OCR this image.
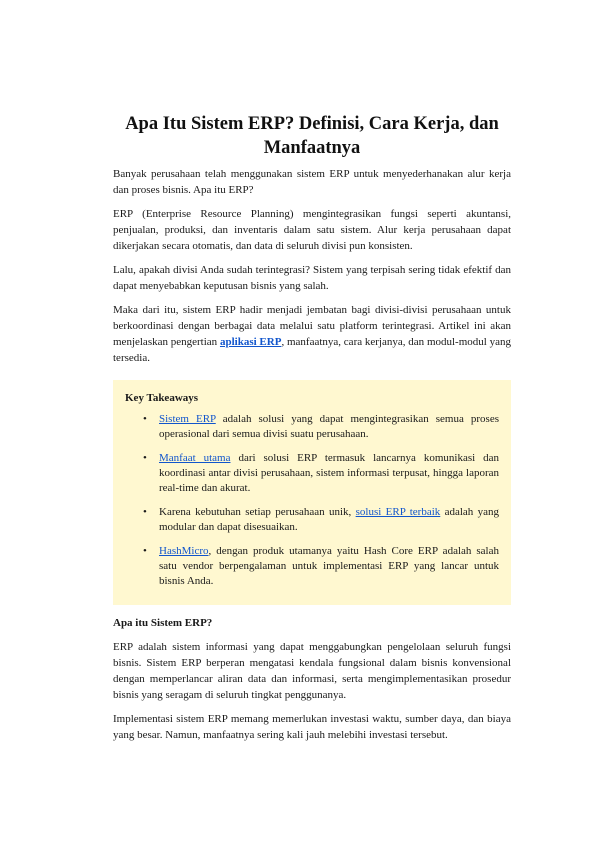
Apa Itu Sistem ERP? Definisi, Cara Kerja, dan Manfaatnya

Banyak perusahaan telah menggunakan sistem ERP untuk menyederhanakan alur kerja dan proses bisnis. Apa itu ERP?

ERP (Enterprise Resource Planning) mengintegrasikan fungsi seperti akuntansi, penjualan, produksi, dan inventaris dalam satu sistem. Alur kerja perusahaan dapat dikerjakan secara otomatis, dan data di seluruh divisi pun konsisten.

Lalu, apakah divisi Anda sudah terintegrasi? Sistem yang terpisah sering tidak efektif dan dapat menyebabkan keputusan bisnis yang salah.

Maka dari itu, sistem ERP hadir menjadi jembatan bagi divisi-divisi perusahaan untuk berkoordinasi dengan berbagai data melalui satu platform terintegrasi. Artikel ini akan menjelaskan pengertian aplikasi ERP, manfaatnya, cara kerjanya, dan modul-modul yang tersedia.

Key Takeaways
• Sistem ERP adalah solusi yang dapat mengintegrasikan semua proses operasional dari semua divisi suatu perusahaan.
• Manfaat utama dari solusi ERP termasuk lancarnya komunikasi dan koordinasi antar divisi perusahaan, sistem informasi terpusat, hingga laporan real-time dan akurat.
• Karena kebutuhan setiap perusahaan unik, solusi ERP terbaik adalah yang modular dan dapat disesuaikan.
• HashMicro, dengan produk utamanya yaitu Hash Core ERP adalah salah satu vendor berpengalaman untuk implementasi ERP yang lancar untuk bisnis Anda.
Apa itu Sistem ERP?

ERP adalah sistem informasi yang dapat menggabungkan pengelolaan seluruh fungsi bisnis. Sistem ERP berperan mengatasi kendala fungsional dalam bisnis konvensional dengan memperlancar aliran data dan informasi, serta mengimplementasikan prosedur bisnis yang seragam di seluruh tingkat penggunanya.

Implementasi sistem ERP memang memerlukan investasi waktu, sumber daya, dan biaya yang besar. Namun, manfaatnya sering kali jauh melebihi investasi tersebut.
